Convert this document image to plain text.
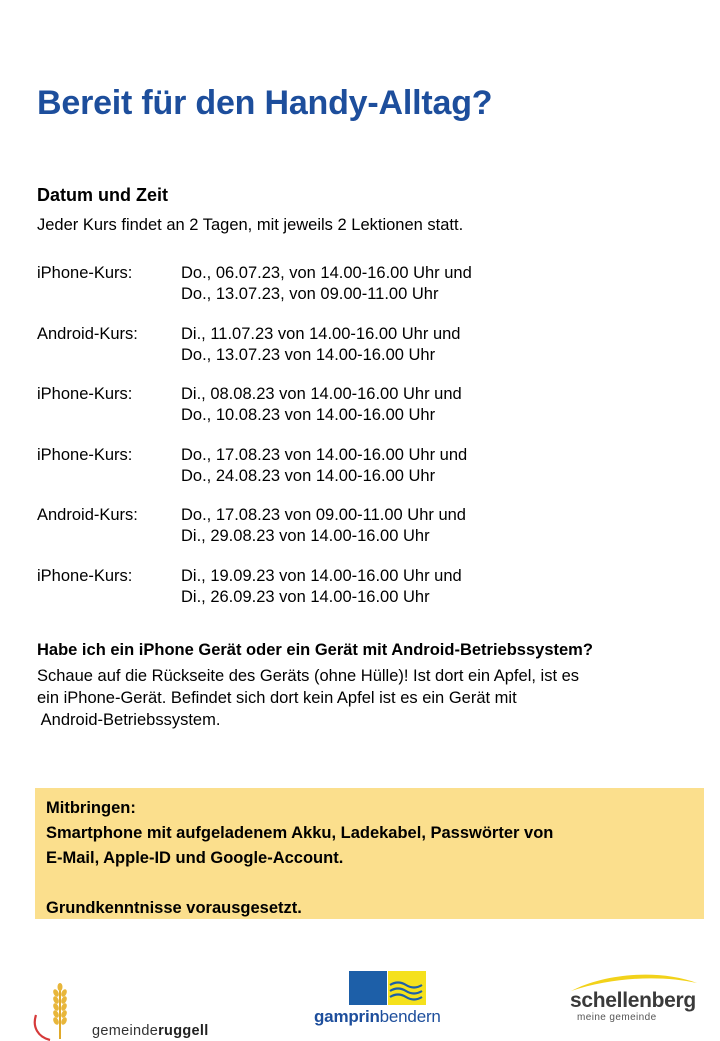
Bereit für den Handy-Alltag?
Datum und Zeit

Jeder Kurs findet an 2 Tagen, mit jeweils 2 Lektionen statt.

iPhone-Kurs:	Do., 06.07.23, von 14.00-16.00 Uhr und
Do., 13.07.23, von 09.00-11.00 Uhr
Android-Kurs:	Di., 11.07.23 von 14.00-16.00 Uhr und
Do., 13.07.23 von 14.00-16.00 Uhr
iPhone-Kurs:	Di., 08.08.23 von 14.00-16.00 Uhr und
Do., 10.08.23 von 14.00-16.00 Uhr
iPhone-Kurs:	Do., 17.08.23 von 14.00-16.00 Uhr und
Do., 24.08.23 von 14.00-16.00 Uhr
Android-Kurs:	Do., 17.08.23 von 09.00-11.00 Uhr und
Di., 29.08.23 von 14.00-16.00 Uhr
iPhone-Kurs:	Di., 19.09.23 von 14.00-16.00 Uhr und
Di., 26.09.23 von 14.00-16.00 Uhr

Habe ich ein iPhone Gerät oder ein Gerät mit Android-Betriebssystem?

Schaue auf die Rückseite des Geräts (ohne Hülle)! Ist dort ein Apfel, ist es
ein iPhone-Gerät. Befindet sich dort kein Apfel ist es ein Gerät mit
Android-Betriebssystem.

Mitbringen:
Smartphone mit aufgeladenem Akku, Ladekabel, Passwörter von
E-Mail, Apple-ID und Google-Account.
Grundkenntnisse vorausgesetzt.
gemeinderuggell
gamprinbendern
schellenberg
meine gemeinde
